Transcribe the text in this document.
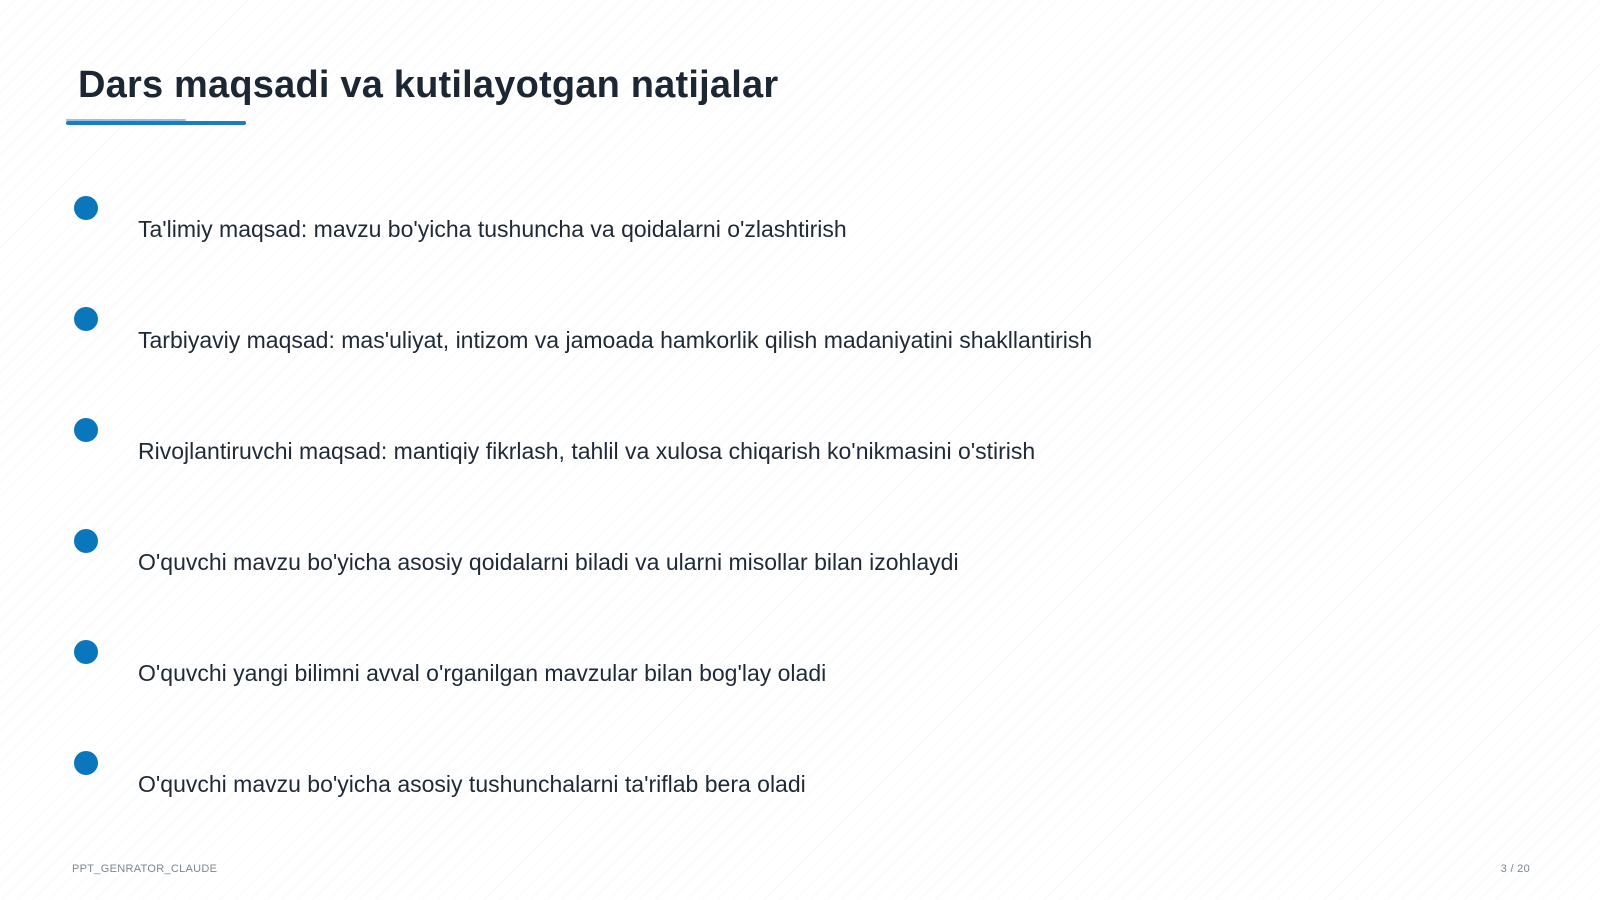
Dars maqsadi va kutilayotgan natijalar
Ta'limiy maqsad: mavzu bo'yicha tushuncha va qoidalarni o'zlashtirish
Tarbiyaviy maqsad: mas'uliyat, intizom va jamoada hamkorlik qilish madaniyatini shakllantirish
Rivojlantiruvchi maqsad: mantiqiy fikrlash, tahlil va xulosa chiqarish ko'nikmasini o'stirish
O'quvchi mavzu bo'yicha asosiy qoidalarni biladi va ularni misollar bilan izohlaydi
O'quvchi yangi bilimni avval o'rganilgan mavzular bilan bog'lay oladi
O'quvchi mavzu bo'yicha asosiy tushunchalarni ta'riflab bera oladi
PPT_GENRATOR_CLAUDE	3 / 20
